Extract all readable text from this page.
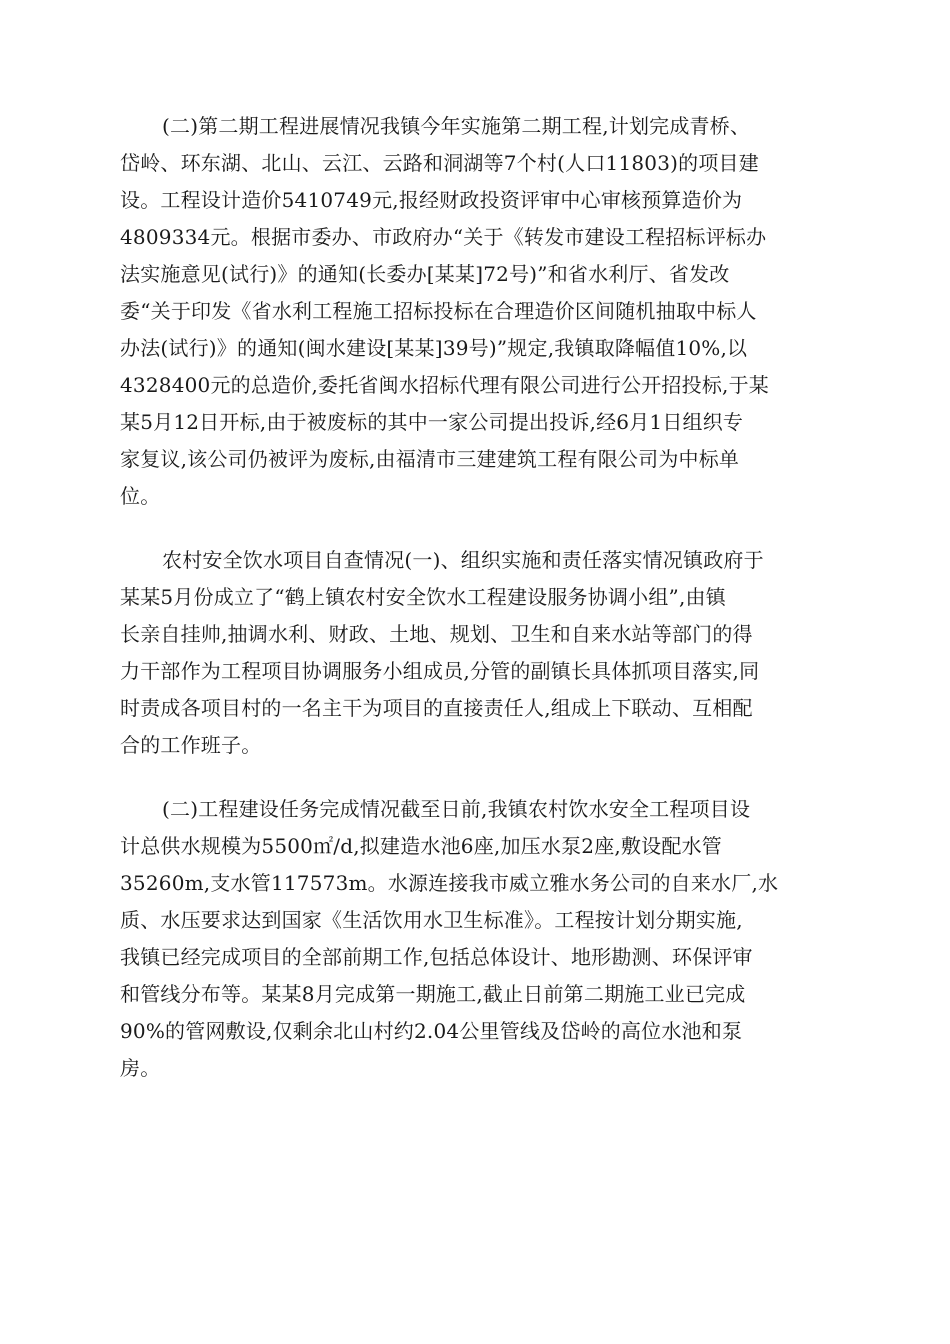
(二)第二期工程进展情况我镇今年实施第二期工程,计划完成青桥、
岱岭、环东湖、北山、云江、云路和洞湖等7个村(人口11803)的项目建
设。工程设计造价5410749元,报经财政投资评审中心审核预算造价为
4809334元。根据市委办、市政府办“关于《转发市建设工程招标评标办
法实施意见(试行)》的通知(长委办[某某]72号)”和省水利厅、省发改
委“关于印发《省水利工程施工招标投标在合理造价区间随机抽取中标人
办法(试行)》的通知(闽水建设[某某]39号)”规定,我镇取降幅值10%,以
4328400元的总造价,委托省闽水招标代理有限公司进行公开招投标,于某
某5月12日开标,由于被废标的其中一家公司提出投诉,经6月1日组织专
家复议,该公司仍被评为废标,由福清市三建建筑工程有限公司为中标单
位。
农村安全饮水项目自查情况(一)、组织实施和责任落实情况镇政府于
某某5月份成立了“鹤上镇农村安全饮水工程建设服务协调小组”,由镇
长亲自挂帅,抽调水利、财政、土地、规划、卫生和自来水站等部门的得
力干部作为工程项目协调服务小组成员,分管的副镇长具体抓项目落实,同
时责成各项目村的一名主干为项目的直接责任人,组成上下联动、互相配
合的工作班子。
(二)工程建设任务完成情况截至日前,我镇农村饮水安全工程项目设
计总供水规模为5500㎡/d,拟建造水池6座,加压水泵2座,敷设配水管
35260m,支水管117573m。水源连接我市威立雅水务公司的自来水厂,水
质、水压要求达到国家《生活饮用水卫生标准》。工程按计划分期实施,
我镇已经完成项目的全部前期工作,包括总体设计、地形勘测、环保评审
和管线分布等。某某8月完成第一期施工,截止日前第二期施工业已完成
90%的管网敷设,仅剩余北山村约2.04公里管线及岱岭的高位水池和泵
房。
